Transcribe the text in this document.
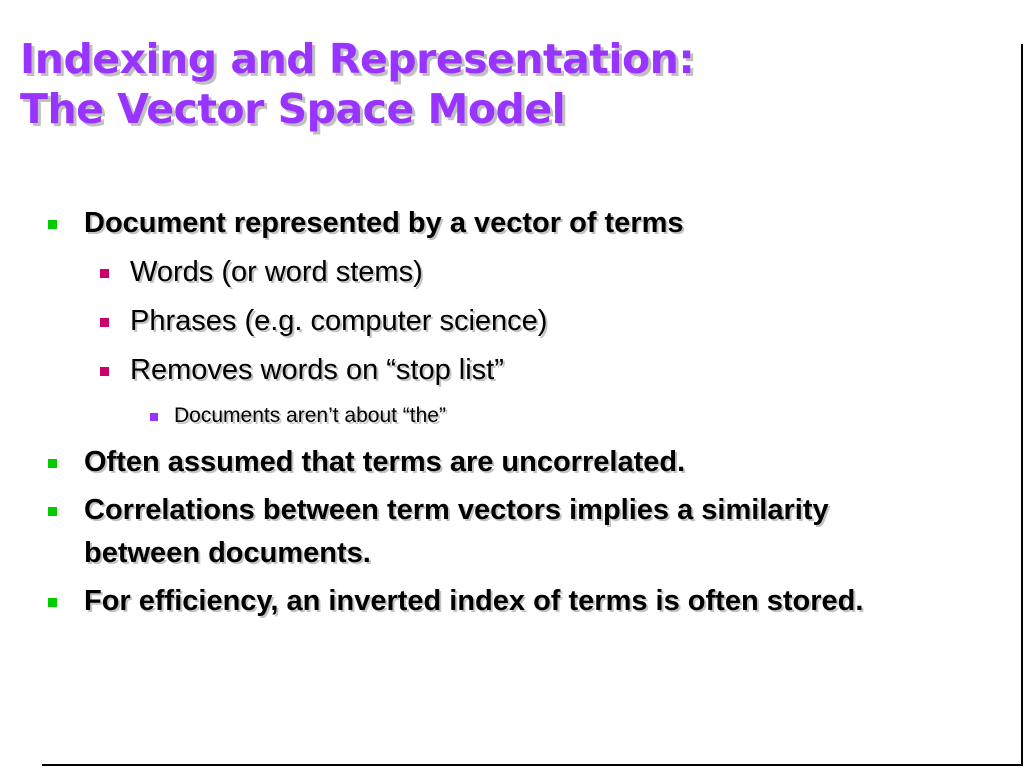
Indexing and Representation:
The Vector Space Model
Document represented by a vector of terms
Words (or word stems)
Phrases (e.g. computer science)
Removes words on “stop list”
Documents aren’t about “the”
Often assumed that terms are uncorrelated.
Correlations between term vectors implies a similarity
between documents.
For efficiency, an inverted index of terms is often stored.
